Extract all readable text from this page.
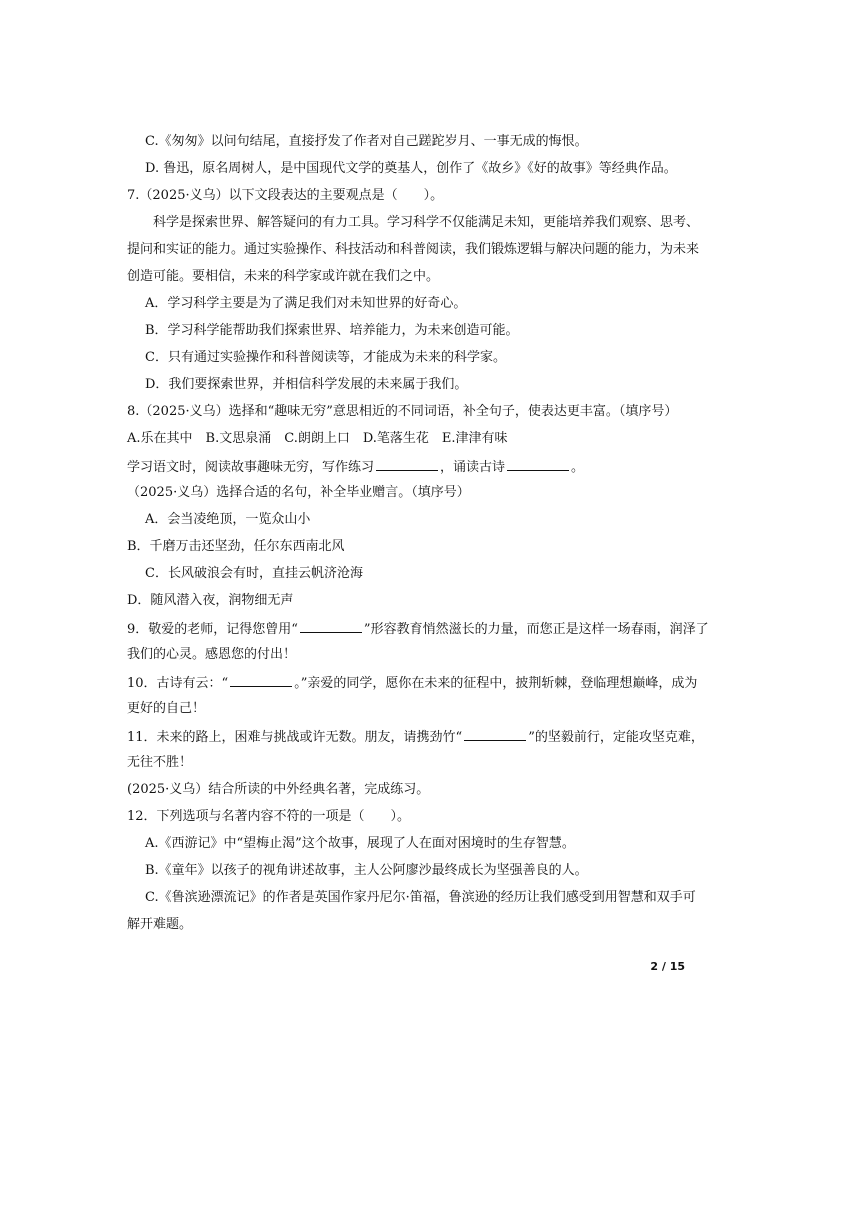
C.《匆匆》以问句结尾，直接抒发了作者对自己蹉跎岁月、一事无成的悔恨。
D. 鲁迅，原名周树人，是中国现代文学的奠基人，创作了《故乡》《好的故事》等经典作品。
7.（2025·义乌）以下文段表达的主要观点是（　　）。
科学是探索世界、解答疑问的有力工具。学习科学不仅能满足未知，更能培养我们观察、思考、
提问和实证的能力。通过实验操作、科技活动和科普阅读，我们锻炼逻辑与解决问题的能力，为未来
创造可能。要相信，未来的科学家或许就在我们之中。
A．学习科学主要是为了满足我们对未知世界的好奇心。
B．学习科学能帮助我们探索世界、培养能力，为未来创造可能。
C．只有通过实验操作和科普阅读等，才能成为未来的科学家。
D．我们要探索世界，并相信科学发展的未来属于我们。
8.（2025·义乌）选择和“趣味无穷”意思相近的不同词语，补全句子，使表达更丰富。（填序号）
A.乐在其中　B.文思泉涌　C.朗朗上口　D.笔落生花　E.津津有味
学习语文时，阅读故事趣味无穷，写作练习	，诵读古诗	。
（2025·义乌）选择合适的名句，补全毕业赠言。（填序号）
A．会当凌绝顶，一览众山小
B．千磨万击还坚劲，任尔东西南北风
C．长风破浪会有时，直挂云帆济沧海
D．随风潜入夜，润物细无声
9．敬爱的老师，记得您曾用“	”形容教育悄然滋长的力量，而您正是这样一场春雨，润泽了
我们的心灵。感恩您的付出！
10．古诗有云：“	。”亲爱的同学，愿你在未来的征程中，披荆斩棘，登临理想巅峰，成为
更好的自己！
11．未来的路上，困难与挑战或许无数。朋友，请携劲竹“	”的坚毅前行，定能攻坚克难，
无往不胜！
(2025·义乌）结合所读的中外经典名著，完成练习。
12．下列选项与名著内容不符的一项是（　　）。
A.《西游记》中“望梅止渴”这个故事，展现了人在面对困境时的生存智慧。
B.《童年》以孩子的视角讲述故事，主人公阿廖沙最终成长为坚强善良的人。
C.《鲁滨逊漂流记》的作者是英国作家丹尼尔·笛福，鲁滨逊的经历让我们感受到用智慧和双手可
解开难题。
2 / 15
